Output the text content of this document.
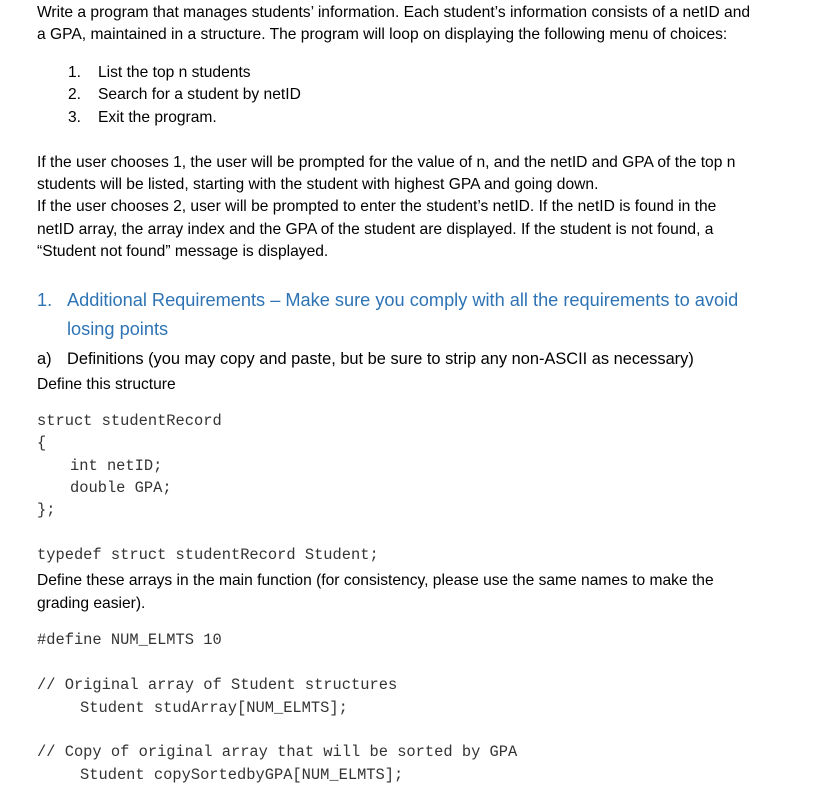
Write a program that manages students’ information. Each student’s information consists of a netID and
a GPA, maintained in a structure. The program will loop on displaying the following menu of choices:
1. List the top n students
2. Search for a student by netID
3. Exit the program.
If the user chooses 1, the user will be prompted for the value of n, and the netID and GPA of the top n
students will be listed, starting with the student with highest GPA and going down.
If the user chooses 2, user will be prompted to enter the student’s netID. If the netID is found in the
netID array, the array index and the GPA of the student are displayed. If the student is not found, a
“Student not found” message is displayed.
1. Additional Requirements – Make sure you comply with all the requirements to avoid
losing points
a) Definitions (you may copy and paste, but be sure to strip any non-ASCII as necessary)
Define this structure
struct studentRecord
{
int netID;
double GPA;
};
typedef struct studentRecord Student;
Define these arrays in the main function (for consistency, please use the same names to make the
grading easier).
#define NUM_ELMTS 10
// Original array of Student structures
Student studArray[NUM_ELMTS];
// Copy of original array that will be sorted by GPA
Student copySortedbyGPA[NUM_ELMTS];
